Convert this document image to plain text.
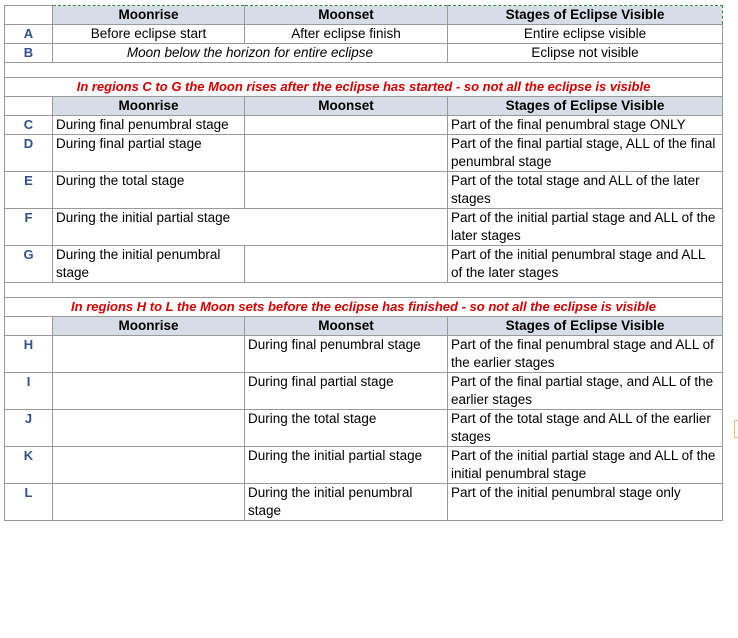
	Moonrise	Moonset	Stages of Eclipse Visible
A	Before eclipse start	After eclipse finish	Entire eclipse visible
B	Moon below the horizon for entire eclipse		Eclipse not visible

In regions C to G the Moon rises after the eclipse has started - so not all the eclipse is visible			
	Moonrise	Moonset	Stages of Eclipse Visible
C	During final penumbral stage		Part of the final penumbral stage ONLY
D	During final partial stage		Part of the final partial stage, ALL of the final penumbral stage
E	During the total stage		Part of the total stage and ALL of the later stages
F	During the initial partial stage		Part of the initial partial stage and ALL of the later stages
G	During the initial penumbral stage		Part of the initial penumbral stage and ALL of the later stages

In regions H to L the Moon sets before the eclipse has finished - so not all the eclipse is visible			
	Moonrise	Moonset	Stages of Eclipse Visible
H		During final penumbral stage	Part of the final penumbral stage and ALL of the earlier stages
I		During final partial stage	Part of the final partial stage, and ALL of the earlier stages
J		During the total stage	Part of the total stage and ALL of the earlier stages
K		During the initial partial stage	Part of the initial partial stage and ALL of the initial penumbral stage
L		During the initial penumbral stage	Part of the initial penumbral stage only
